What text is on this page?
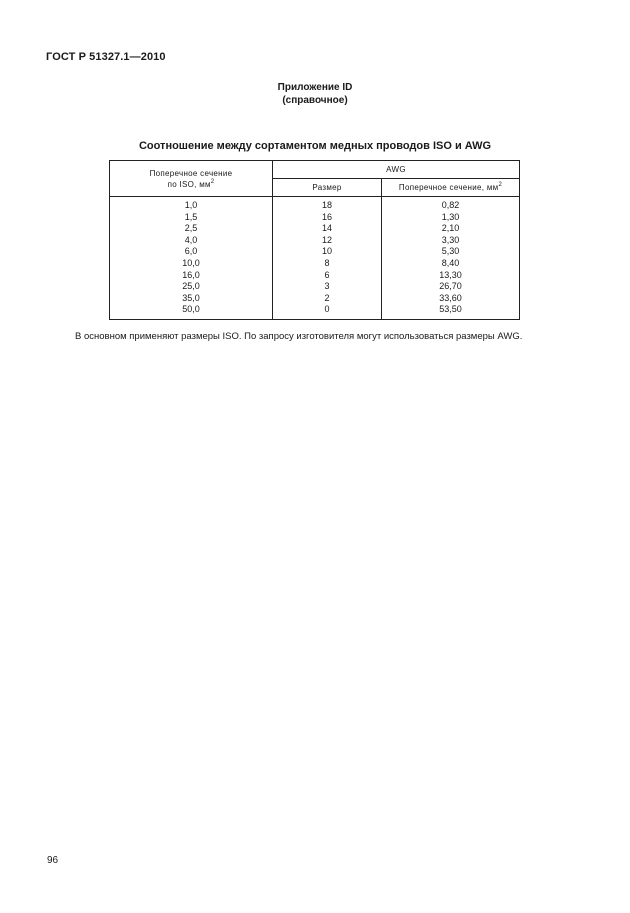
ГОСТ Р 51327.1—2010
Приложение ID
(справочное)
Соотношение между сортаментом медных проводов ISO и AWG
Поперечное сечение
по ISO, $мм^2$	AWG	
	Размер	Поперечное сечение, $мм^2$
1,0	18	0,82
1,5	16	1,30
2,5	14	2,10
4,0	12	3,30
6,0	10	5,30
10,0	8	8,40
16,0	6	13,30
25,0	3	26,70
35,0	2	33,60
50,0	0	53,50
В основном применяют размеры ISO. По запросу изготовителя могут использоваться размеры AWG.
96
